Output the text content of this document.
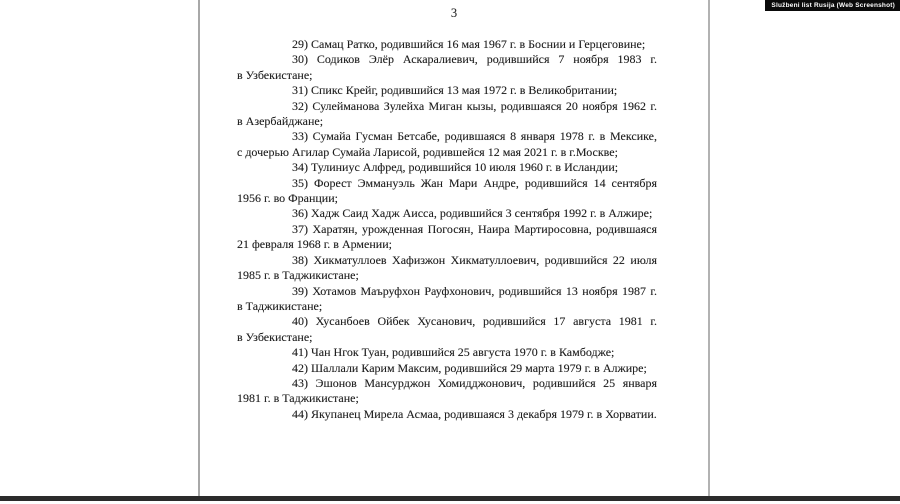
Službeni list Rusija (Web Screenshot)
3

29) Самац Ратко, родившийся 16 мая 1967 г. в Боснии и Герцеговине;

30) Содиков Элёр Аскаралиевич, родившийся 7 ноября 1983 г. в Узбекистане;

31) Спикс Крейг, родившийся 13 мая 1972 г. в Великобритании;

32) Сулейманова Зулейха Миган кызы, родившаяся 20 ноября 1962 г. в Азербайджане;

33) Сумайа Гусман Бетсабе, родившаяся 8 января 1978 г. в Мексике, с дочерью Агилар Сумайа Ларисой, родившейся 12 мая 2021 г. в г.Москве;

34) Тулиниус Алфред, родившийся 10 июля 1960 г. в Исландии;

35) Форест Эммануэль Жан Мари Андре, родившийся 14 сентября 1956 г. во Франции;

36) Хадж Саид Хадж Аисса, родившийся 3 сентября 1992 г. в Алжире;

37) Харатян, урожденная Погосян, Наира Мартиросовна, родившаяся 21 февраля 1968 г. в Армении;

38) Хикматуллоев Хафизжон Хикматуллоевич, родившийся 22 июля 1985 г. в Таджикистане;

39) Хотамов Маъруфхон Рауфхонович, родившийся 13 ноября 1987 г. в Таджикистане;

40) Хусанбоев Ойбек Хусанович, родившийся 17 августа 1981 г. в Узбекистане;

41) Чан Нгок Туан, родившийся 25 августа 1970 г. в Камбодже;

42) Шаллали Карим Максим, родившийся 29 марта 1979 г. в Алжире;

43) Эшонов Мансурджон Хомидджонович, родившийся 25 января 1981 г. в Таджикистане;

44) Якупанец Мирела Асмаа, родившаяся 3 декабря 1979 г. в Хорватии.
